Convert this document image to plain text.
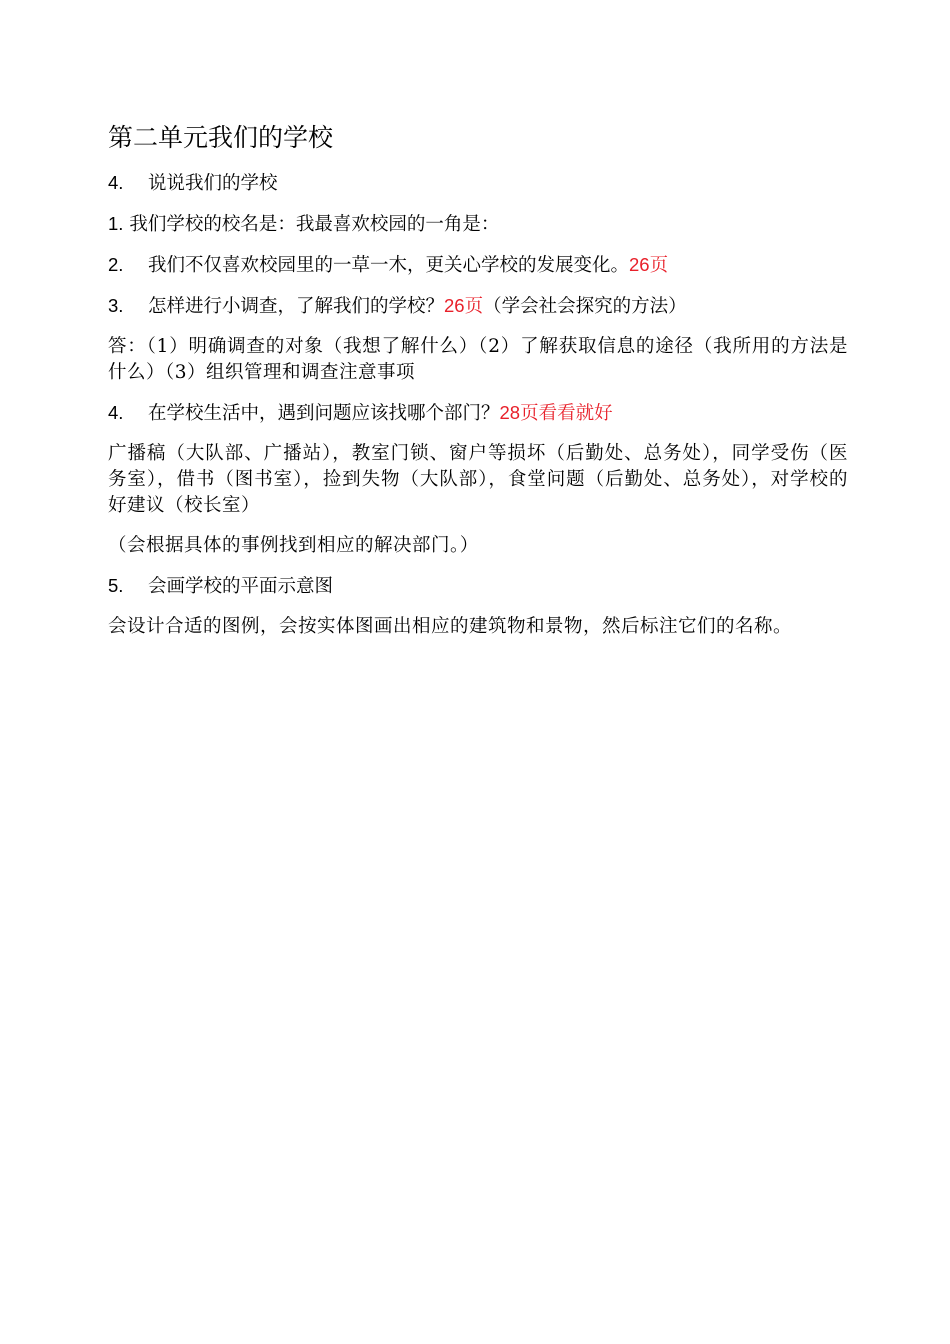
第二单元我们的学校
4. 说说我们的学校
1. 我们学校的校名是：我最喜欢校园的一角是：
2. 我们不仅喜欢校园里的一草一木，更关心学校的发展变化。26页
3. 怎样进行小调查，了解我们的学校？26页（学会社会探究的方法）

答：（1）明确调查的对象（我想了解什么）（2）了解获取信息的途径（我所用的方法是什么）（3）组织管理和调查注意事项

4. 在学校生活中，遇到问题应该找哪个部门？28页看看就好

广播稿（大队部、广播站），教室门锁、窗户等损坏（后勤处、总务处），同学受伤（医务室），借书（图书室），捡到失物（大队部），食堂问题（后勤处、总务处），对学校的好建议（校长室）

（会根据具体的事例找到相应的解决部门。）

5. 会画学校的平面示意图

会设计合适的图例，会按实体图画出相应的建筑物和景物，然后标注它们的名称。
